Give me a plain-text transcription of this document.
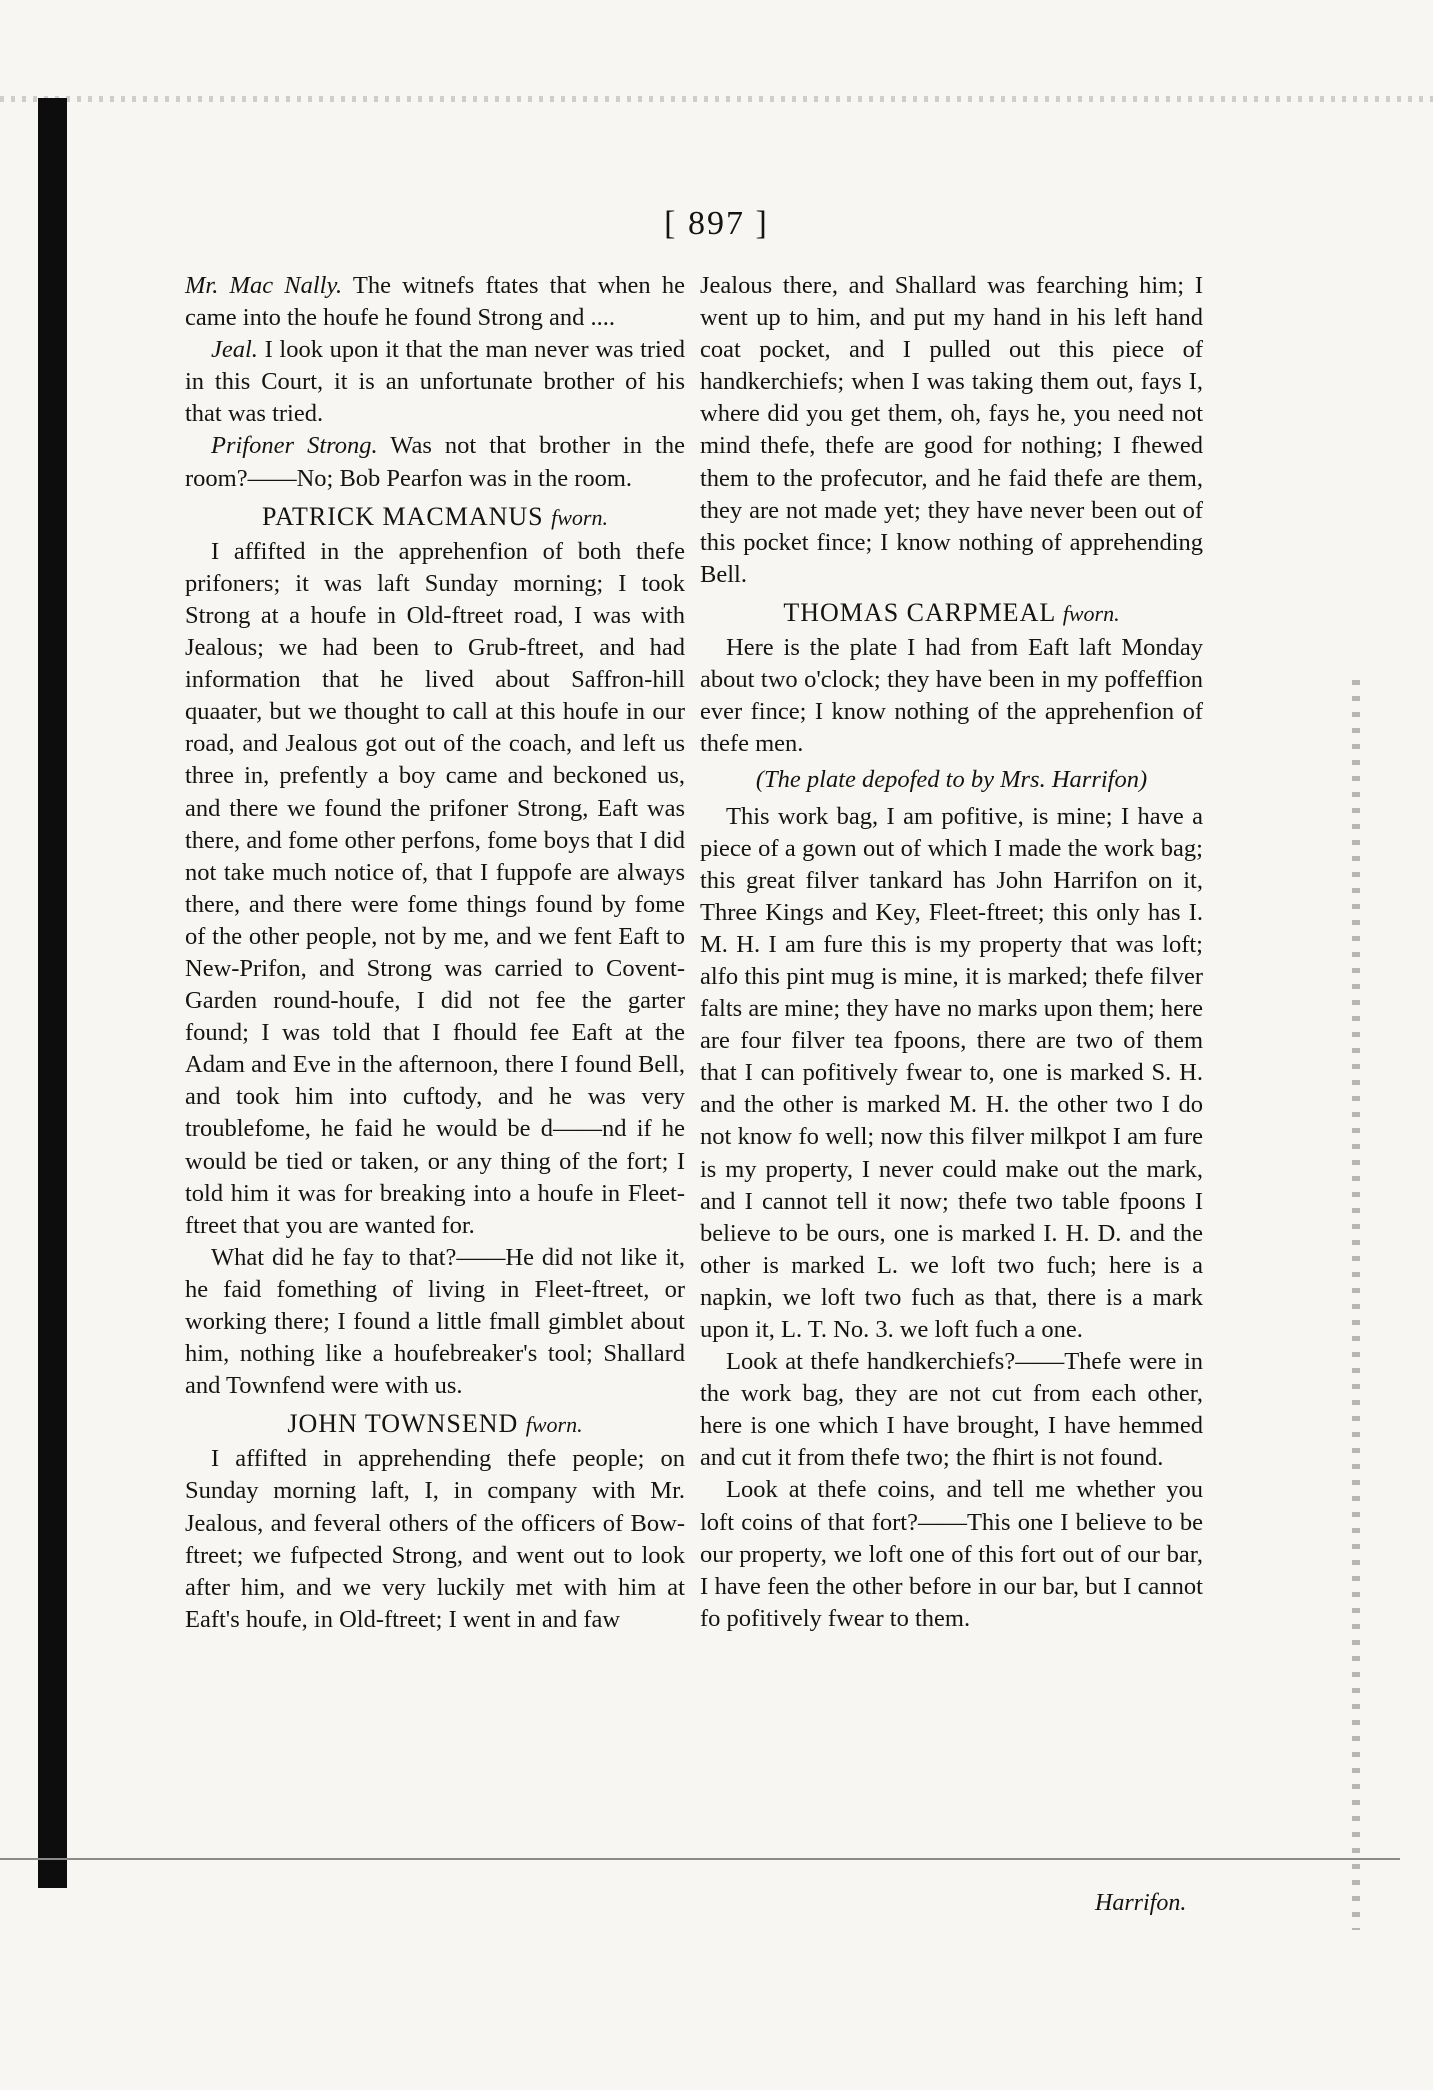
[ 897 ]

Mr. Mac Nally. The witnefs ftates that when he came into the houfe he found Strong and ....

Jeal. I look upon it that the man never was tried in this Court, it is an unfortunate brother of his that was tried.

Prifoner Strong. Was not that brother in the room?——No; Bob Pearfon was in the room.

PATRICK MACMANUS fworn.

I affifted in the apprehenfion of both thefe prifoners; it was laft Sunday morning; I took Strong at a houfe in Old-ftreet road, I was with Jealous; we had been to Grub-ftreet, and had information that he lived about Saffron-hill quaater, but we thought to call at this houfe in our road, and Jealous got out of the coach, and left us three in, prefently a boy came and beckoned us, and there we found the prifoner Strong, Eaft was there, and fome other perfons, fome boys that I did not take much notice of, that I fuppofe are always there, and there were fome things found by fome of the other people, not by me, and we fent Eaft to New-Prifon, and Strong was carried to Covent-Garden round-houfe, I did not fee the garter found; I was told that I fhould fee Eaft at the Adam and Eve in the afternoon, there I found Bell, and took him into cuftody, and he was very troublefome, he faid he would be d——nd if he would be tied or taken, or any thing of the fort; I told him it was for breaking into a houfe in Fleet-ftreet that you are wanted for.

What did he fay to that?——He did not like it, he faid fomething of living in Fleet-ftreet, or working there; I found a little fmall gimblet about him, nothing like a houfebreaker's tool; Shallard and Townfend were with us.

JOHN TOWNSEND fworn.

I affifted in apprehending thefe people; on Sunday morning laft, I, in company with Mr. Jealous, and feveral others of the officers of Bow-ftreet; we fufpected Strong, and went out to look after him, and we very luckily met with him at Eaft's houfe, in Old-ftreet; I went in and faw

Jealous there, and Shallard was fearching him; I went up to him, and put my hand in his left hand coat pocket, and I pulled out this piece of handkerchiefs; when I was taking them out, fays I, where did you get them, oh, fays he, you need not mind thefe, thefe are good for nothing; I fhewed them to the profecutor, and he faid thefe are them, they are not made yet; they have never been out of this pocket fince; I know nothing of apprehending Bell.

THOMAS CARPMEAL fworn.

Here is the plate I had from Eaft laft Monday about two o'clock; they have been in my poffeffion ever fince; I know nothing of the apprehenfion of thefe men.

(The plate depofed to by Mrs. Harrifon)

This work bag, I am pofitive, is mine; I have a piece of a gown out of which I made the work bag; this great filver tankard has John Harrifon on it, Three Kings and Key, Fleet-ftreet; this only has I. M. H. I am fure this is my property that was loft; alfo this pint mug is mine, it is marked; thefe filver falts are mine; they have no marks upon them; here are four filver tea fpoons, there are two of them that I can pofitively fwear to, one is marked S. H. and the other is marked M. H. the other two I do not know fo well; now this filver milkpot I am fure is my property, I never could make out the mark, and I cannot tell it now; thefe two table fpoons I believe to be ours, one is marked I. H. D. and the other is marked L. we loft two fuch; here is a napkin, we loft two fuch as that, there is a mark upon it, L. T. No. 3. we loft fuch a one.

Look at thefe handkerchiefs?——Thefe were in the work bag, they are not cut from each other, here is one which I have brought, I have hemmed and cut it from thefe two; the fhirt is not found.

Look at thefe coins, and tell me whether you loft coins of that fort?——This one I believe to be our property, we loft one of this fort out of our bar, I have feen the other before in our bar, but I cannot fo pofitively fwear to them.

Harrifon.
